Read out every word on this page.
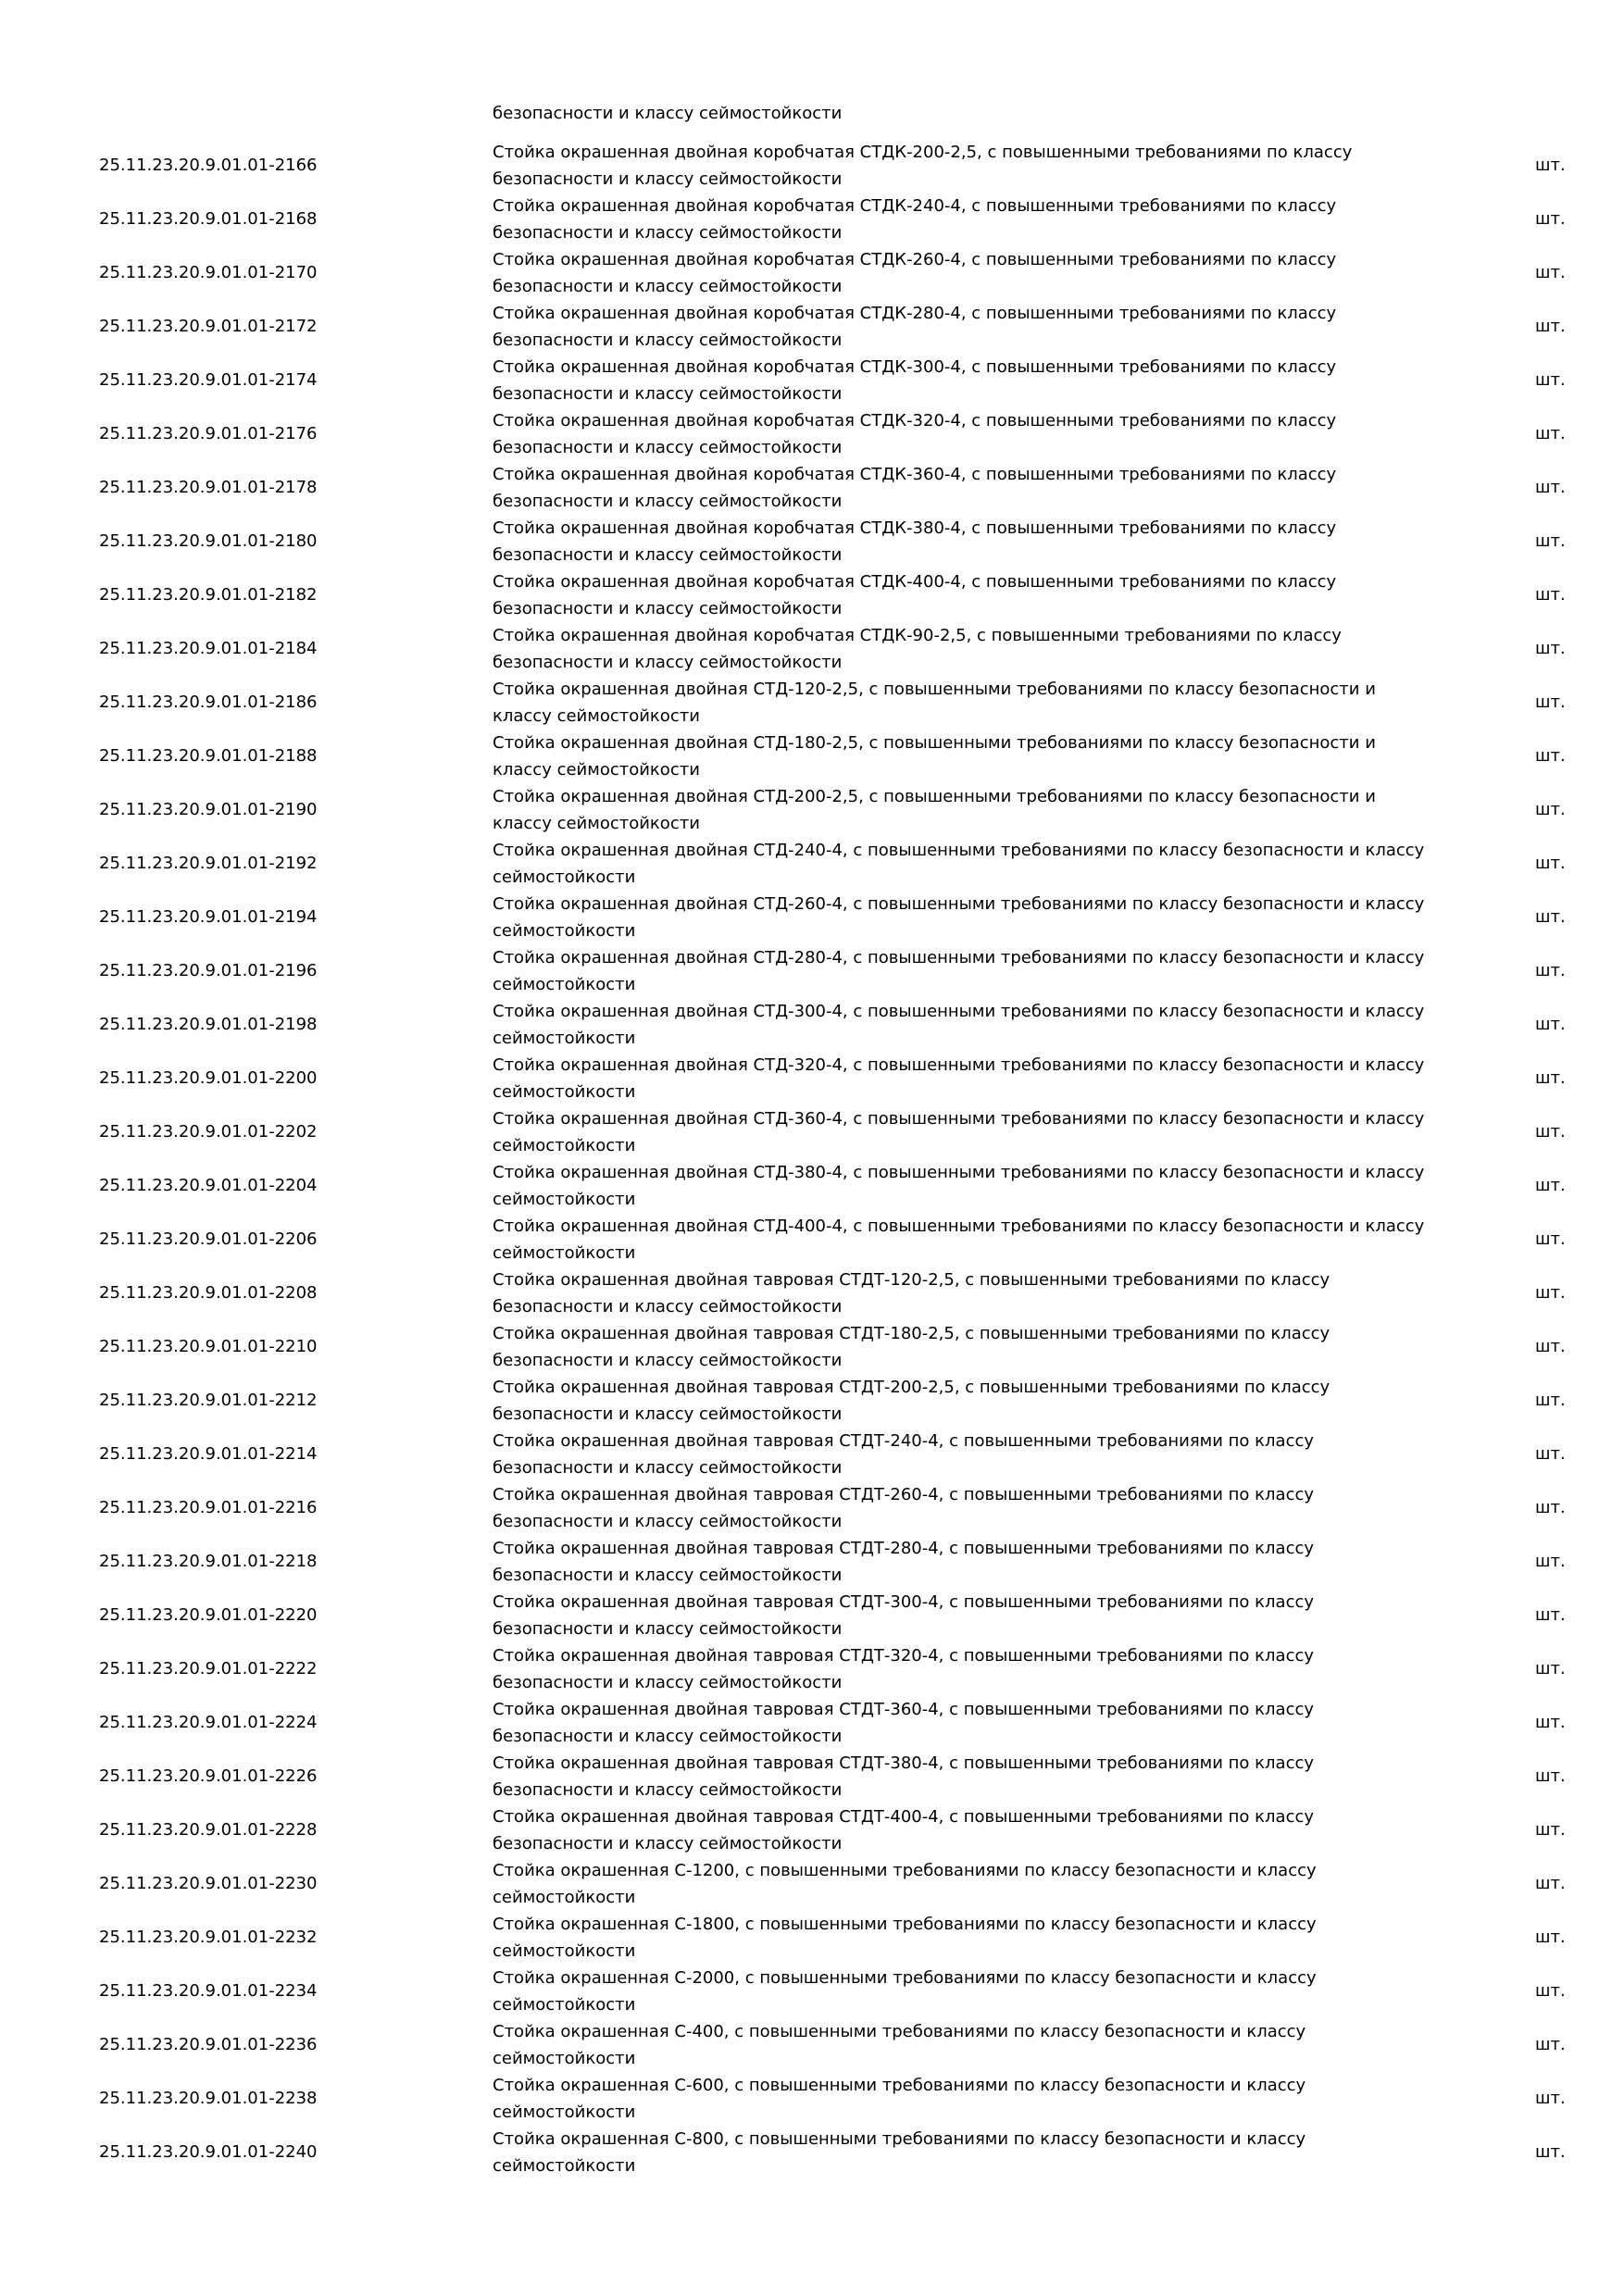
безопасности и классу сеймостойкости
25.11.23.20.9.01.01-2166
Стойка окрашенная двойная коробчатая СТДК-200-2,5, с повышенными требованиями по классу безопасности и классу сеймостойкости
шт.
25.11.23.20.9.01.01-2168
Стойка окрашенная двойная коробчатая СТДК-240-4, с повышенными требованиями по классу безопасности и классу сеймостойкости
шт.
25.11.23.20.9.01.01-2170
Стойка окрашенная двойная коробчатая СТДК-260-4, с повышенными требованиями по классу безопасности и классу сеймостойкости
шт.
25.11.23.20.9.01.01-2172
Стойка окрашенная двойная коробчатая СТДК-280-4, с повышенными требованиями по классу безопасности и классу сеймостойкости
шт.
25.11.23.20.9.01.01-2174
Стойка окрашенная двойная коробчатая СТДК-300-4, с повышенными требованиями по классу безопасности и классу сеймостойкости
шт.
25.11.23.20.9.01.01-2176
Стойка окрашенная двойная коробчатая СТДК-320-4, с повышенными требованиями по классу безопасности и классу сеймостойкости
шт.
25.11.23.20.9.01.01-2178
Стойка окрашенная двойная коробчатая СТДК-360-4, с повышенными требованиями по классу безопасности и классу сеймостойкости
шт.
25.11.23.20.9.01.01-2180
Стойка окрашенная двойная коробчатая СТДК-380-4, с повышенными требованиями по классу безопасности и классу сеймостойкости
шт.
25.11.23.20.9.01.01-2182
Стойка окрашенная двойная коробчатая СТДК-400-4, с повышенными требованиями по классу безопасности и классу сеймостойкости
шт.
25.11.23.20.9.01.01-2184
Стойка окрашенная двойная коробчатая СТДК-90-2,5, с повышенными требованиями по классу безопасности и классу сеймостойкости
шт.
25.11.23.20.9.01.01-2186
Стойка окрашенная двойная СТД-120-2,5, с повышенными требованиями по классу безопасности и классу сеймостойкости
шт.
25.11.23.20.9.01.01-2188
Стойка окрашенная двойная СТД-180-2,5, с повышенными требованиями по классу безопасности и классу сеймостойкости
шт.
25.11.23.20.9.01.01-2190
Стойка окрашенная двойная СТД-200-2,5, с повышенными требованиями по классу безопасности и классу сеймостойкости
шт.
25.11.23.20.9.01.01-2192
Стойка окрашенная двойная СТД-240-4, с повышенными требованиями по классу безопасности и классу сеймостойкости
шт.
25.11.23.20.9.01.01-2194
Стойка окрашенная двойная СТД-260-4, с повышенными требованиями по классу безопасности и классу сеймостойкости
шт.
25.11.23.20.9.01.01-2196
Стойка окрашенная двойная СТД-280-4, с повышенными требованиями по классу безопасности и классу сеймостойкости
шт.
25.11.23.20.9.01.01-2198
Стойка окрашенная двойная СТД-300-4, с повышенными требованиями по классу безопасности и классу сеймостойкости
шт.
25.11.23.20.9.01.01-2200
Стойка окрашенная двойная СТД-320-4, с повышенными требованиями по классу безопасности и классу сеймостойкости
шт.
25.11.23.20.9.01.01-2202
Стойка окрашенная двойная СТД-360-4, с повышенными требованиями по классу безопасности и классу сеймостойкости
шт.
25.11.23.20.9.01.01-2204
Стойка окрашенная двойная СТД-380-4, с повышенными требованиями по классу безопасности и классу сеймостойкости
шт.
25.11.23.20.9.01.01-2206
Стойка окрашенная двойная СТД-400-4, с повышенными требованиями по классу безопасности и классу сеймостойкости
шт.
25.11.23.20.9.01.01-2208
Стойка окрашенная двойная тавровая СТДТ-120-2,5, с повышенными требованиями по классу безопасности и классу сеймостойкости
шт.
25.11.23.20.9.01.01-2210
Стойка окрашенная двойная тавровая СТДТ-180-2,5, с повышенными требованиями по классу безопасности и классу сеймостойкости
шт.
25.11.23.20.9.01.01-2212
Стойка окрашенная двойная тавровая СТДТ-200-2,5, с повышенными требованиями по классу безопасности и классу сеймостойкости
шт.
25.11.23.20.9.01.01-2214
Стойка окрашенная двойная тавровая СТДТ-240-4, с повышенными требованиями по классу безопасности и классу сеймостойкости
шт.
25.11.23.20.9.01.01-2216
Стойка окрашенная двойная тавровая СТДТ-260-4, с повышенными требованиями по классу безопасности и классу сеймостойкости
шт.
25.11.23.20.9.01.01-2218
Стойка окрашенная двойная тавровая СТДТ-280-4, с повышенными требованиями по классу безопасности и классу сеймостойкости
шт.
25.11.23.20.9.01.01-2220
Стойка окрашенная двойная тавровая СТДТ-300-4, с повышенными требованиями по классу безопасности и классу сеймостойкости
шт.
25.11.23.20.9.01.01-2222
Стойка окрашенная двойная тавровая СТДТ-320-4, с повышенными требованиями по классу безопасности и классу сеймостойкости
шт.
25.11.23.20.9.01.01-2224
Стойка окрашенная двойная тавровая СТДТ-360-4, с повышенными требованиями по классу безопасности и классу сеймостойкости
шт.
25.11.23.20.9.01.01-2226
Стойка окрашенная двойная тавровая СТДТ-380-4, с повышенными требованиями по классу безопасности и классу сеймостойкости
шт.
25.11.23.20.9.01.01-2228
Стойка окрашенная двойная тавровая СТДТ-400-4, с повышенными требованиями по классу безопасности и классу сеймостойкости
шт.
25.11.23.20.9.01.01-2230
Стойка окрашенная С-1200, с повышенными требованиями по классу безопасности и классу сеймостойкости
шт.
25.11.23.20.9.01.01-2232
Стойка окрашенная С-1800, с повышенными требованиями по классу безопасности и классу сеймостойкости
шт.
25.11.23.20.9.01.01-2234
Стойка окрашенная С-2000, с повышенными требованиями по классу безопасности и классу сеймостойкости
шт.
25.11.23.20.9.01.01-2236
Стойка окрашенная С-400, с повышенными требованиями по классу безопасности и классу сеймостойкости
шт.
25.11.23.20.9.01.01-2238
Стойка окрашенная С-600, с повышенными требованиями по классу безопасности и классу сеймостойкости
шт.
25.11.23.20.9.01.01-2240
Стойка окрашенная С-800, с повышенными требованиями по классу безопасности и классу сеймостойкости
шт.
